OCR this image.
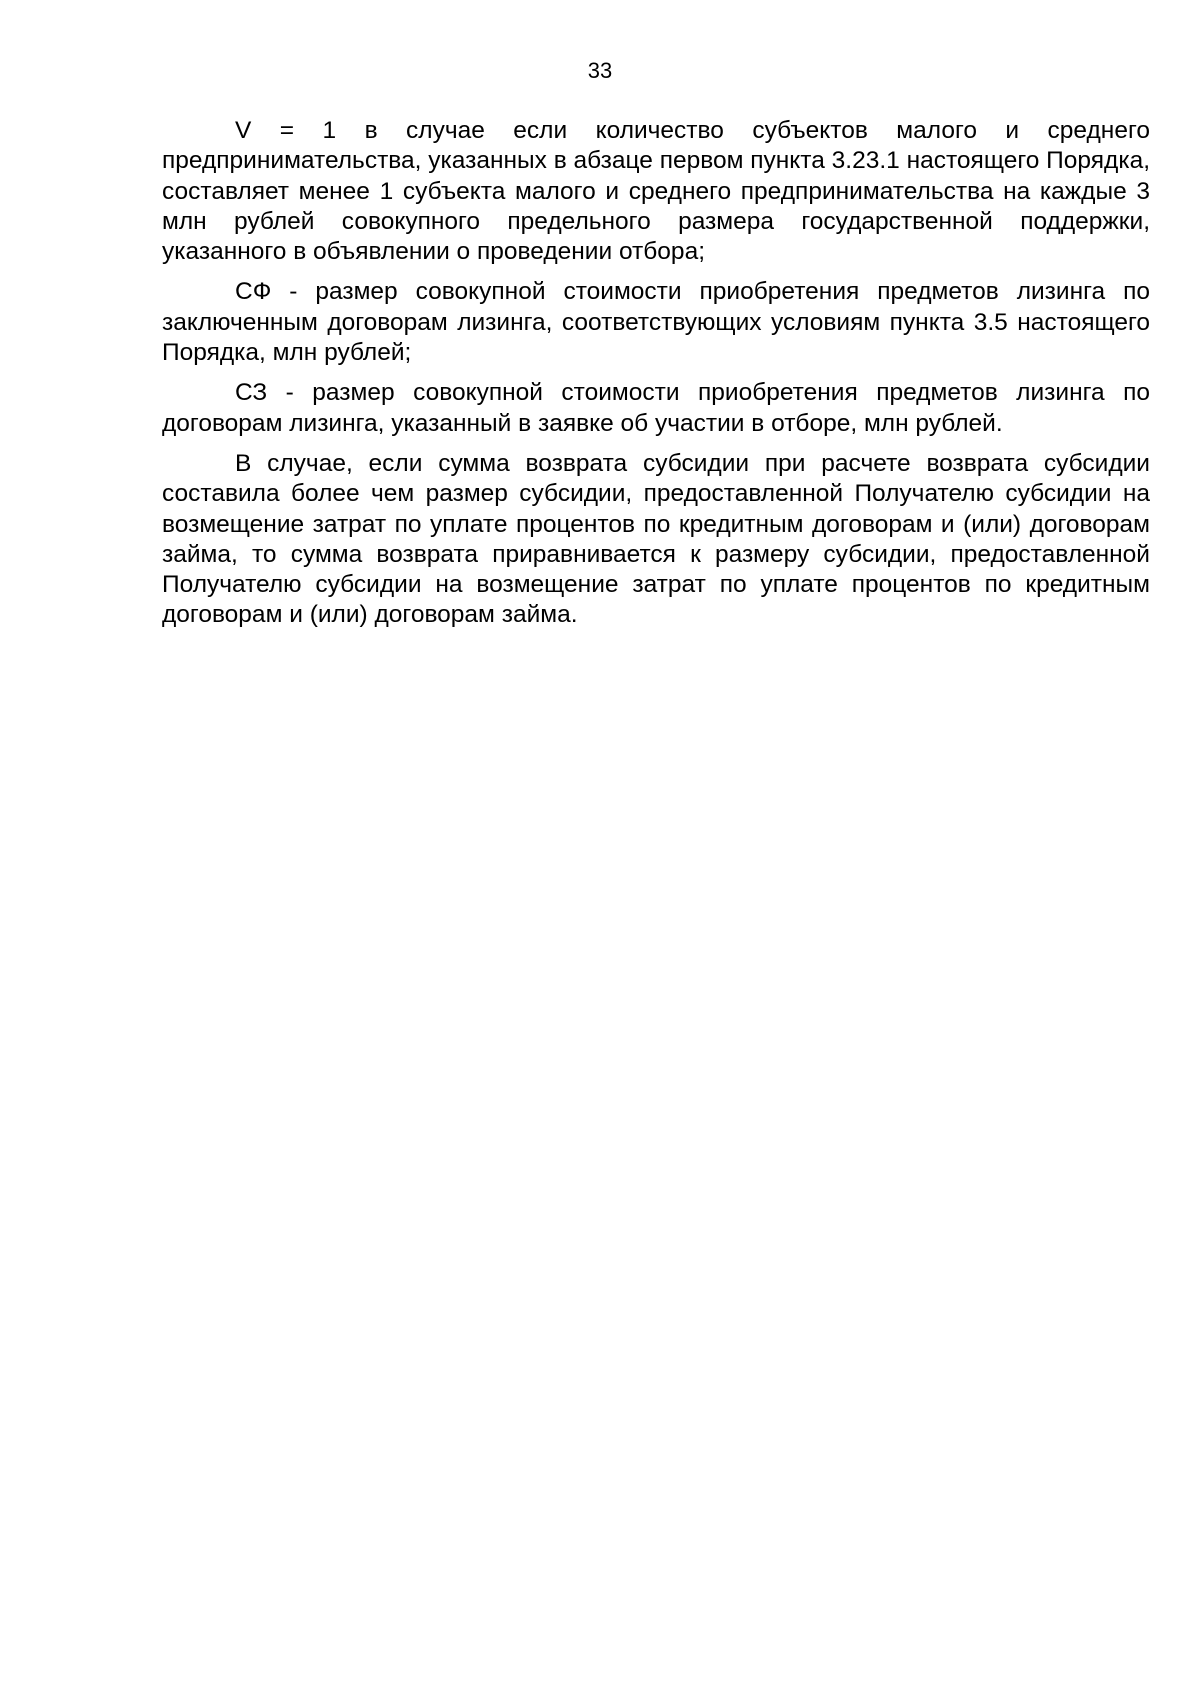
33

V = 1 в случае если количество субъектов малого и среднего предпринимательства, указанных в абзаце первом пункта 3.23.1 настоящего Порядка, составляет менее 1 субъекта малого и среднего предпринимательства на каждые 3 млн рублей совокупного предельного размера государственной поддержки, указанного в объявлении о проведении отбора;

СФ - размер совокупной стоимости приобретения предметов лизинга по заключенным договорам лизинга, соответствующих условиям пункта 3.5 настоящего Порядка, млн рублей;

СЗ - размер совокупной стоимости приобретения предметов лизинга по договорам лизинга, указанный в заявке об участии в отборе, млн рублей.

В случае, если сумма возврата субсидии при расчете возврата субсидии составила более чем размер субсидии, предоставленной Получателю субсидии на возмещение затрат по уплате процентов по кредитным договорам и (или) договорам займа, то сумма возврата приравнивается к размеру субсидии, предоставленной Получателю субсидии на возмещение затрат по уплате процентов по кредитным договорам и (или) договорам займа.
